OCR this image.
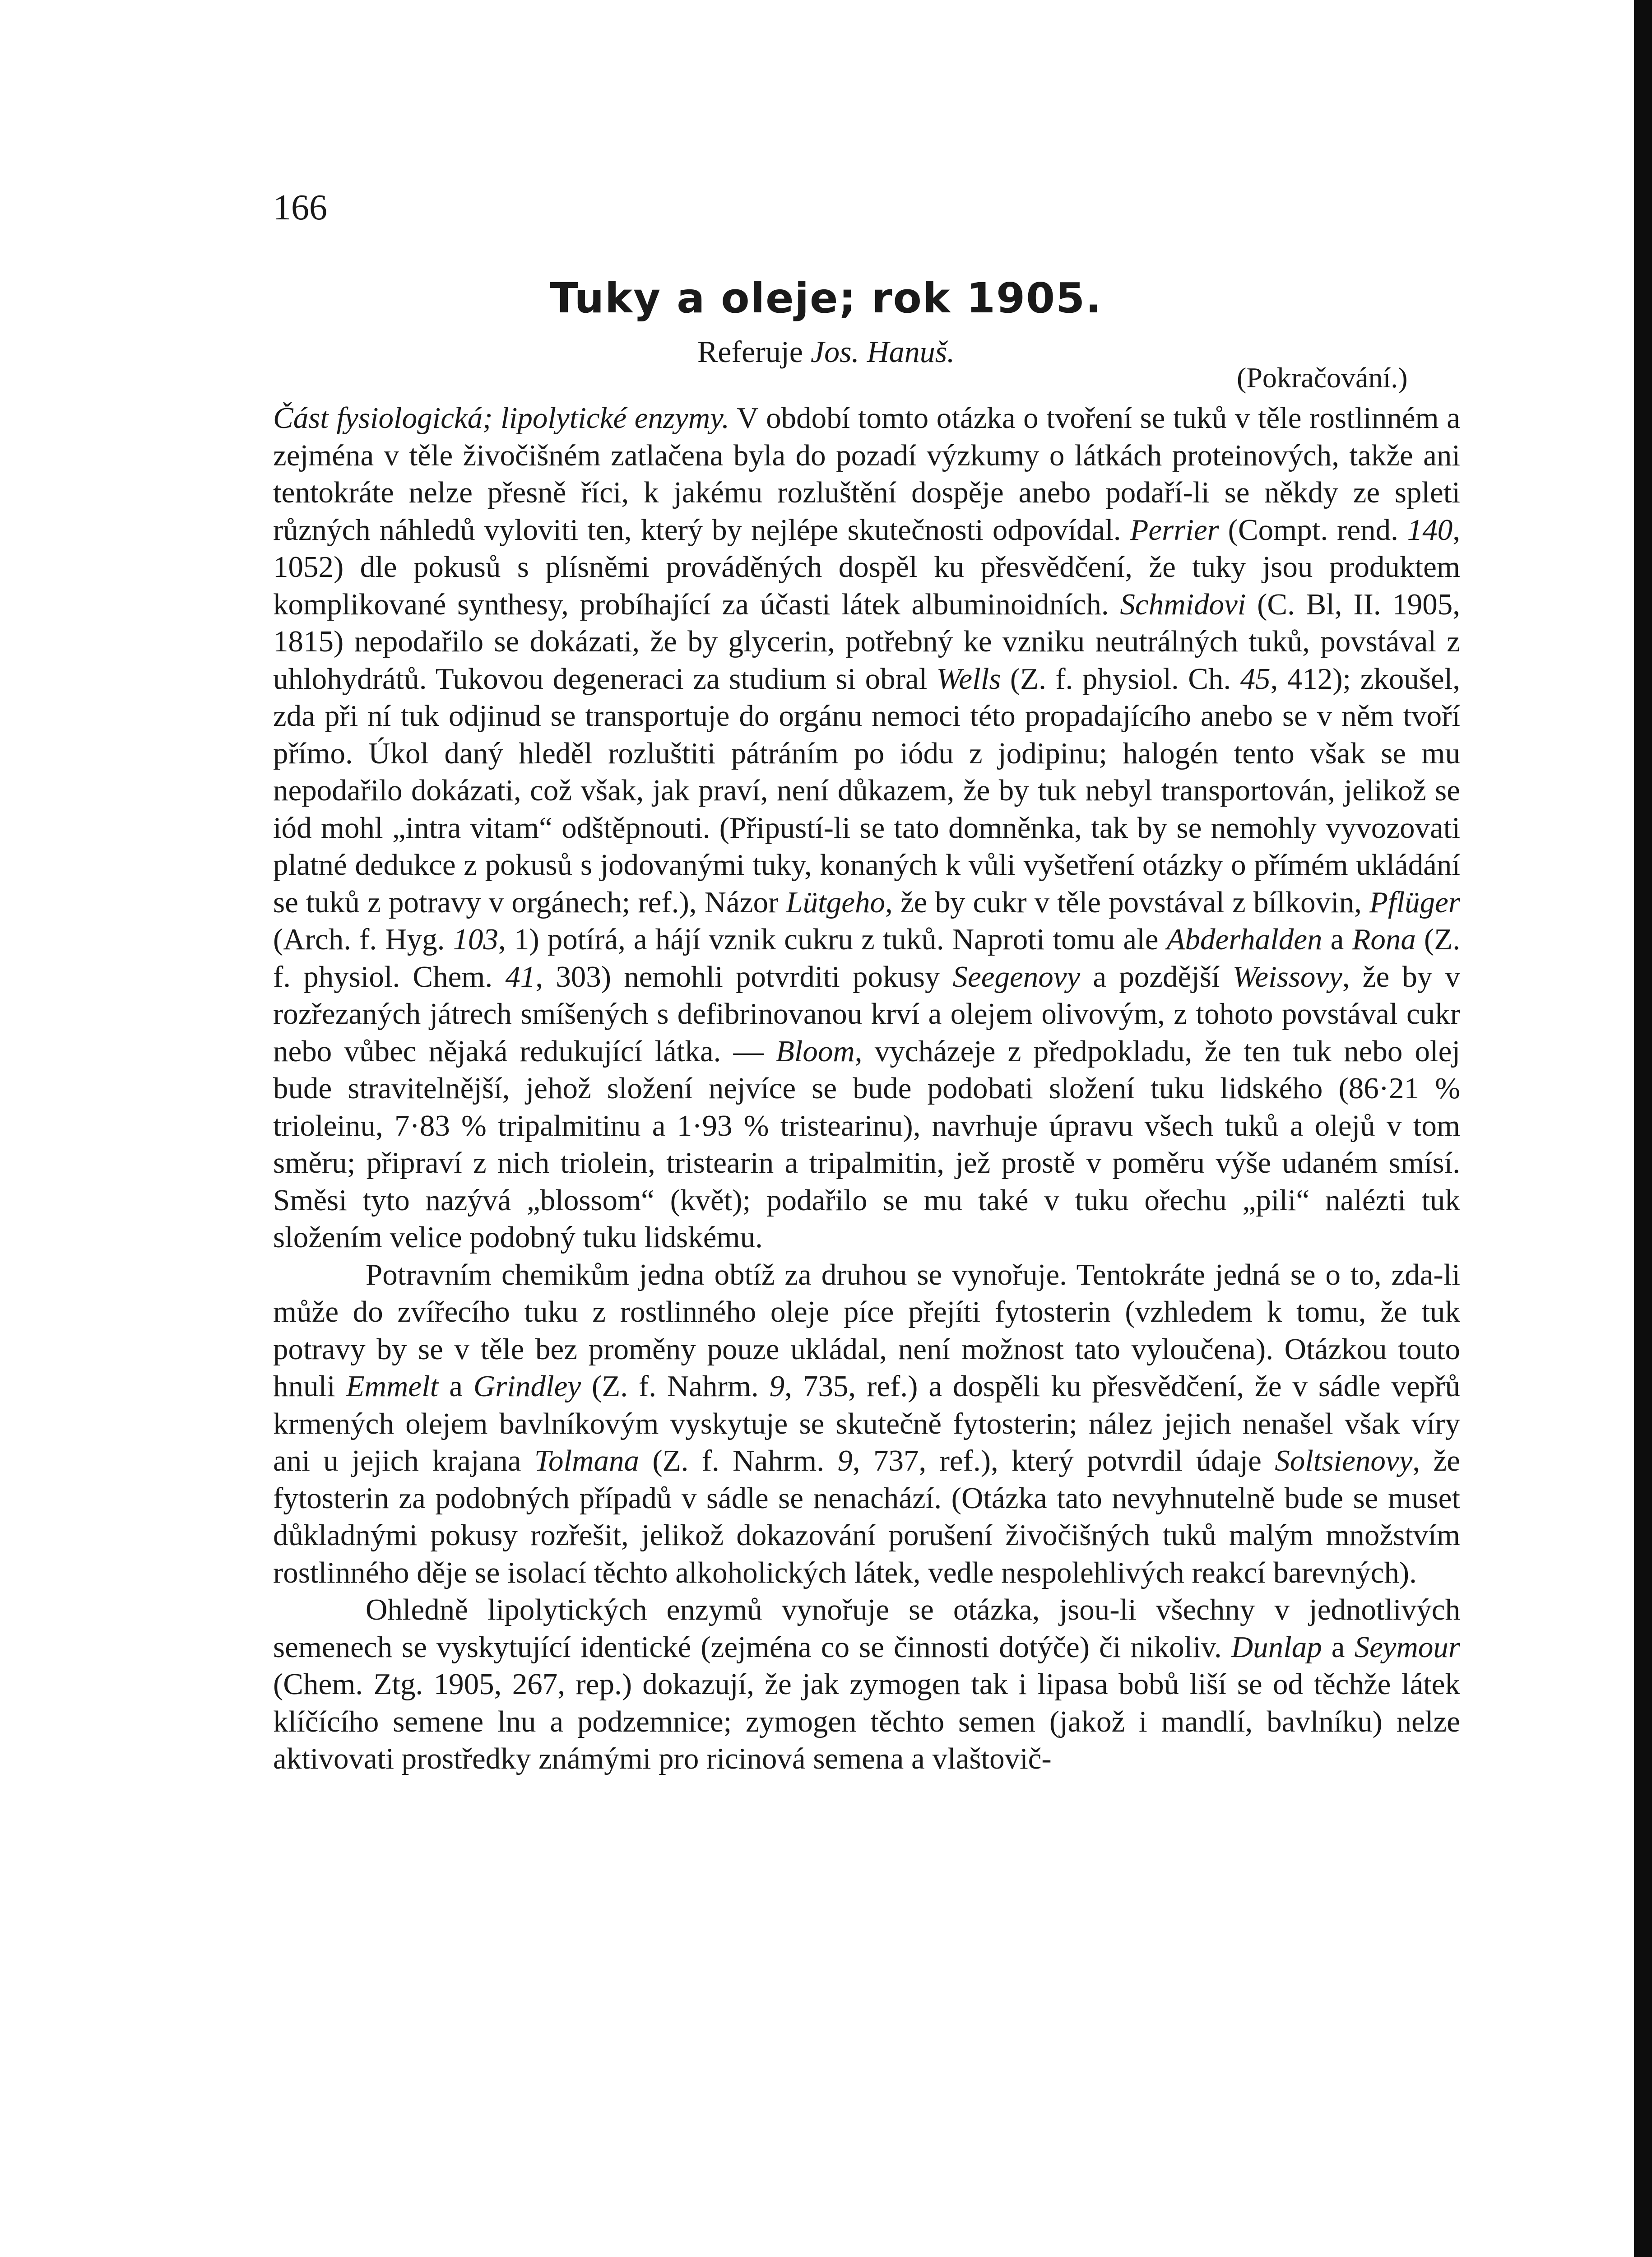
166
Tuky a oleje; rok 1905.
Referuje Jos. Hanuš.
(Pokračování.)

Část fysiologická; lipolytické enzymy. V období tomto otázka o tvoření se tuků v těle rostlinném a zejména v těle živočišném zatlačena byla do pozadí výzkumy o látkách proteinových, takže ani tentokráte nelze přesně říci, k jakému rozluštění dospěje anebo podaří-li se někdy ze spleti různých náhledů vyloviti ten, který by nejlépe skutečnosti odpovídal. Perrier (Compt. rend. 140, 1052) dle pokusů s plísněmi prováděných dospěl ku přesvědčení, že tuky jsou produktem komplikované synthesy, probíhající za účasti látek albuminoidních. Schmidovi (C. Bl, II. 1905, 1815) nepodařilo se dokázati, že by glycerin, potřebný ke vzniku neutrálných tuků, povstával z uhlohydrátů. Tukovou degeneraci za studium si obral Wells (Z. f. physiol. Ch. 45, 412); zkoušel, zda při ní tuk odjinud se transportuje do orgánu nemoci této propadajícího anebo se v něm tvoří přímo. Úkol daný hleděl rozluštiti pátráním po iódu z jodipinu; halogén tento však se mu nepodařilo dokázati, což však, jak praví, není důkazem, že by tuk nebyl transportován, jelikož se iód mohl „intra vitam“ odštěpnouti. (Připustí-li se tato domněnka, tak by se nemohly vyvozovati platné dedukce z pokusů s jodovanými tuky, konaných k vůli vyšetření otázky o přímém ukládání se tuků z potravy v orgánech; ref.), Názor Lütgeho, že by cukr v těle povstával z bílkovin, Pflüger (Arch. f. Hyg. 103, 1) potírá, a hájí vznik cukru z tuků. Naproti tomu ale Abderhalden a Rona (Z. f. physiol. Chem. 41, 303) nemohli potvrditi pokusy Seegenovy a pozdější Weissovy, že by v rozřezaných játrech smíšených s defibrinovanou krví a olejem olivovým, z tohoto povstával cukr nebo vůbec nějaká redukující látka. — Bloom, vycházeje z předpokladu, že ten tuk nebo olej bude stravitelnější, jehož složení nejvíce se bude podobati složení tuku lidského (86·21 % trioleinu, 7·83 % tripalmitinu a 1·93 % tristearinu), navrhuje úpravu všech tuků a olejů v tom směru; připraví z nich triolein, tristearin a tripalmitin, jež prostě v poměru výše udaném smísí. Směsi tyto nazývá „blossom“ (květ); podařilo se mu také v tuku ořechu „pili“ nalézti tuk složením velice podobný tuku lidskému.

Potravním chemikům jedna obtíž za druhou se vynořuje. Tentokráte jedná se o to, zda-li může do zvířecího tuku z rostlinného oleje píce přejíti fytosterin (vzhledem k tomu, že tuk potravy by se v těle bez proměny pouze ukládal, není možnost tato vyloučena). Otázkou touto hnuli Emmelt a Grindley (Z. f. Nahrm. 9, 735, ref.) a dospěli ku přesvědčení, že v sádle vepřů krmených olejem bavlníkovým vyskytuje se skutečně fytosterin; nález jejich nenašel však víry ani u jejich krajana Tolmana (Z. f. Nahrm. 9, 737, ref.), který potvrdil údaje Soltsienovy, že fytosterin za podobných případů v sádle se nenachází. (Otázka tato nevyhnutelně bude se muset důkladnými pokusy rozřešit, jelikož dokazování porušení živočišných tuků malým množstvím rostlinného děje se isolací těchto alkoholických látek, vedle nespolehlivých reakcí barevných).

Ohledně lipolytických enzymů vynořuje se otázka, jsou-li všechny v jednotlivých semenech se vyskytující identické (zejména co se činnosti dotýče) či nikoliv. Dunlap a Seymour (Chem. Ztg. 1905, 267, rep.) dokazují, že jak zymogen tak i lipasa bobů liší se od těchže látek klíčícího semene lnu a podzemnice; zymogen těchto semen (jakož i mandlí, bavlníku) nelze aktivovati prostředky známými pro ricinová semena a vlaštovič-
